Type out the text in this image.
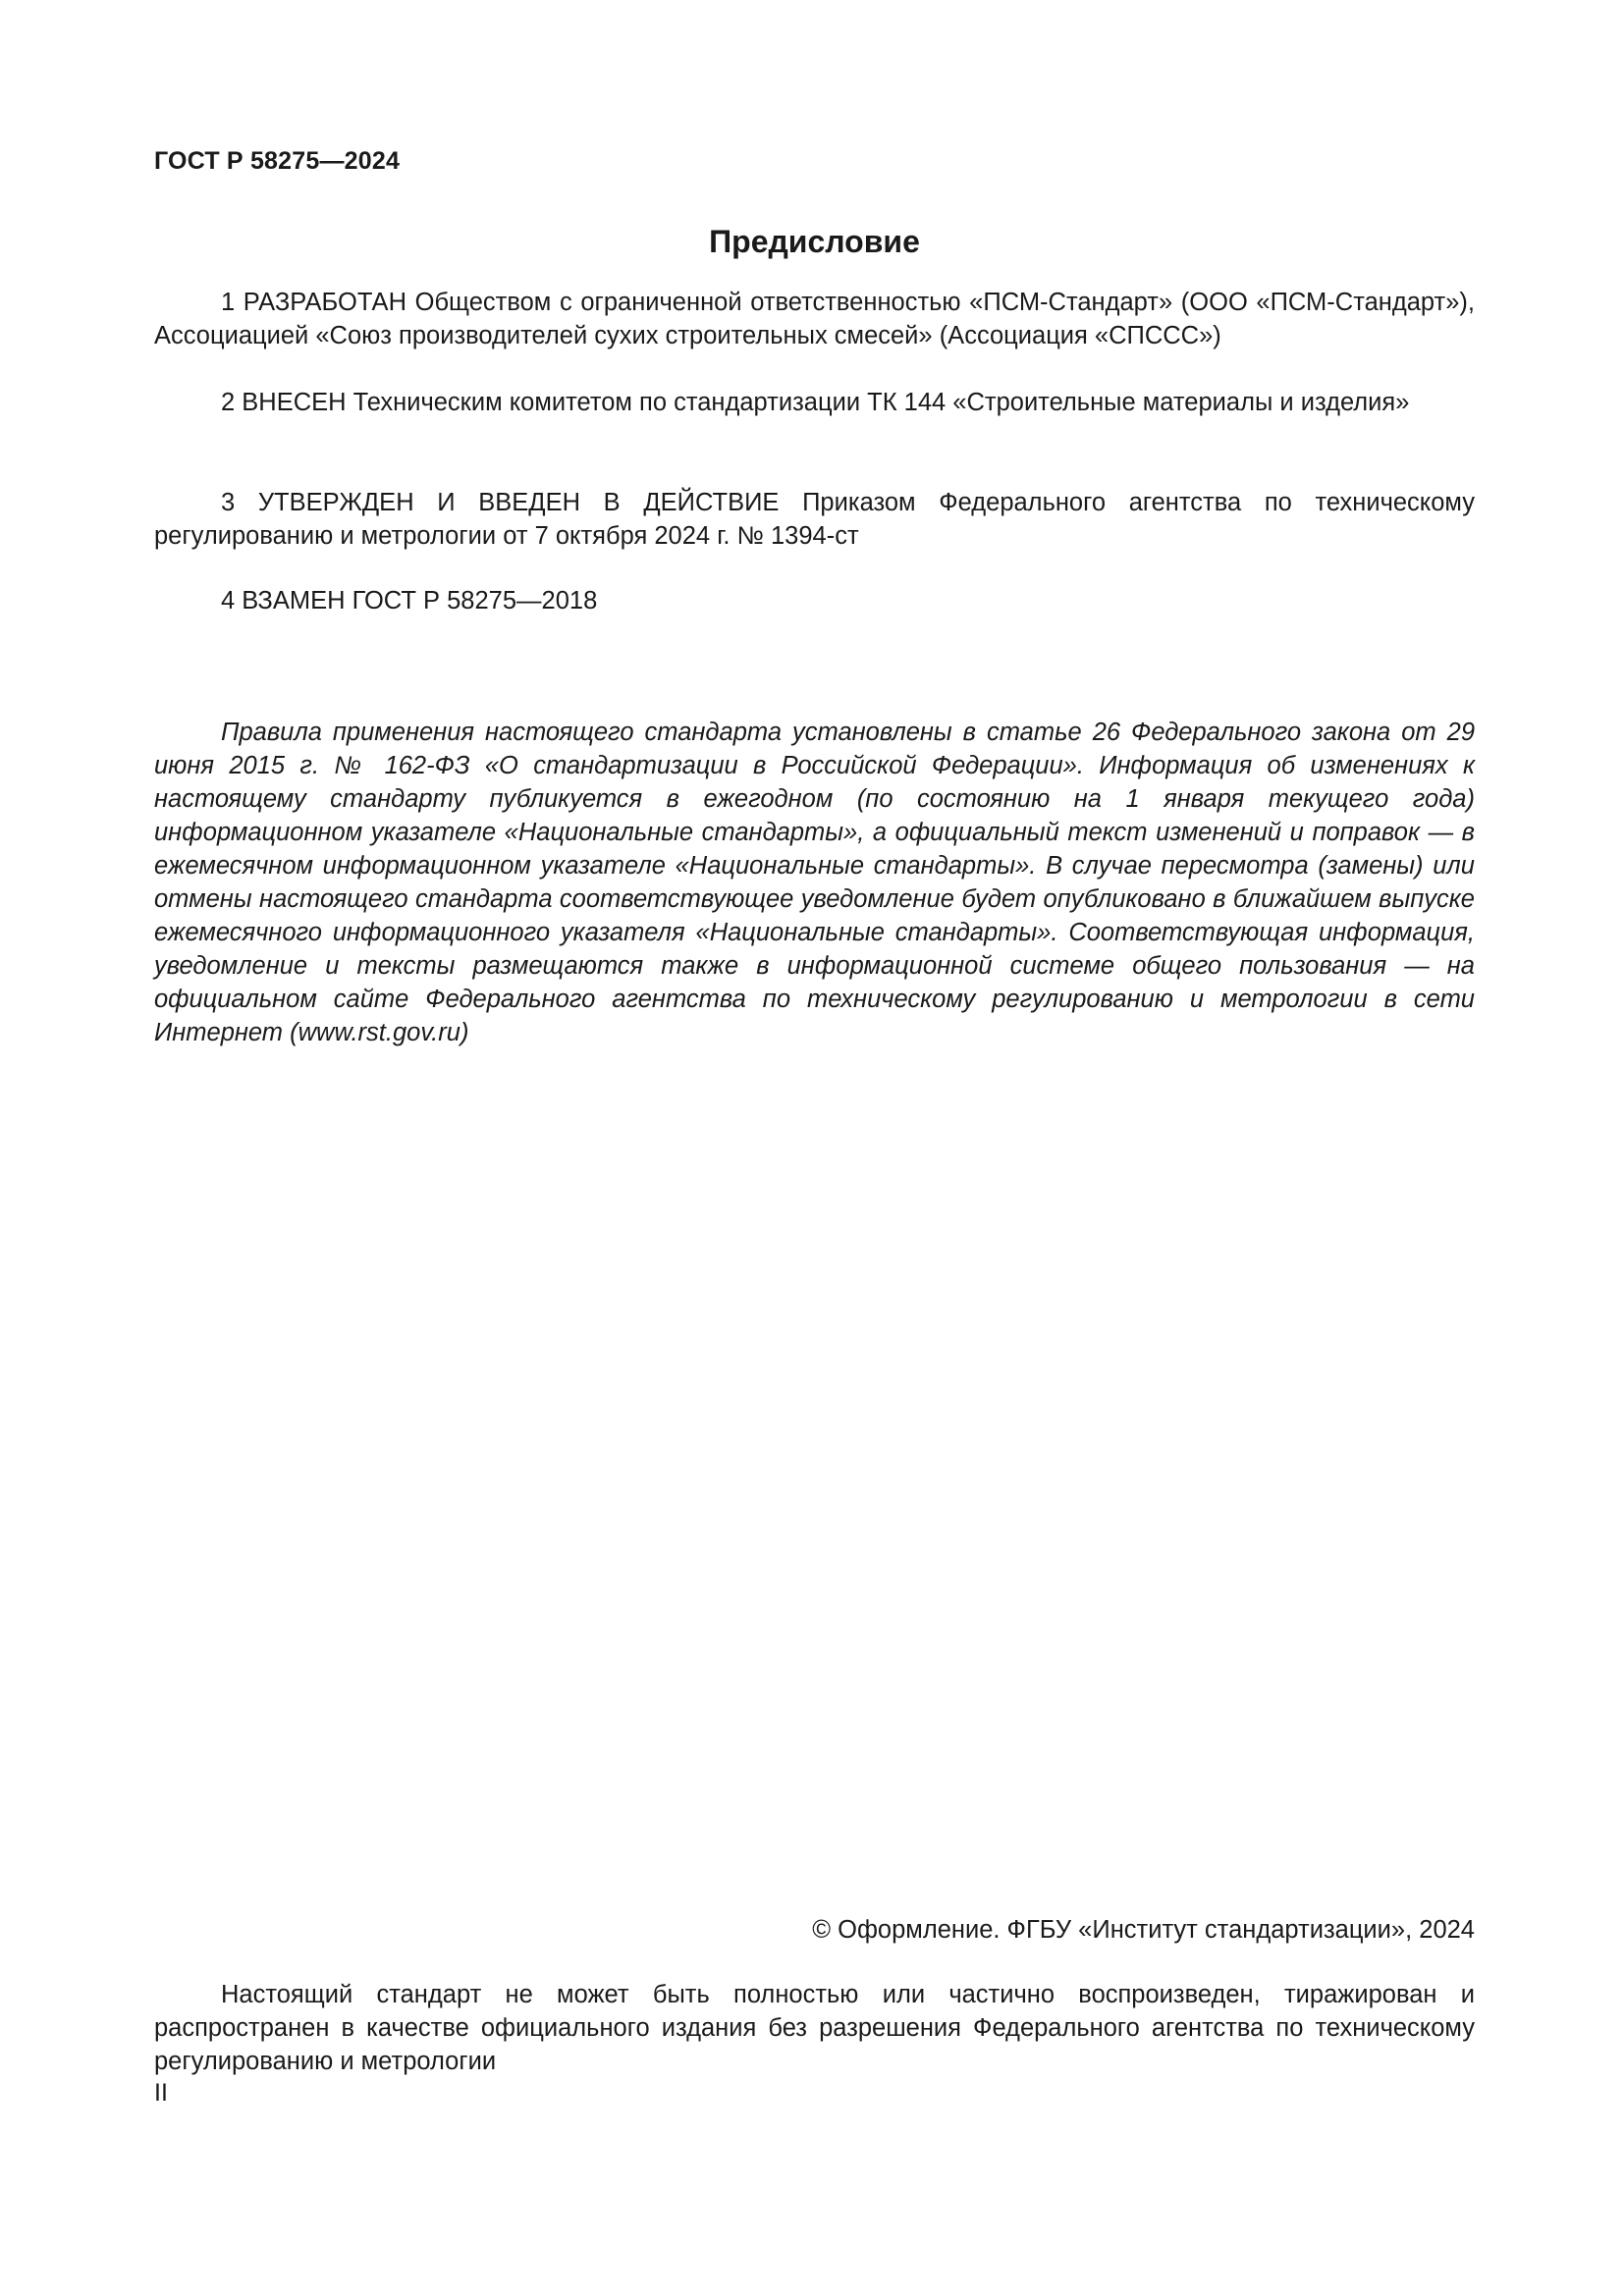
ГОСТ Р 58275—2024
Предисловие

1 РАЗРАБОТАН Обществом с ограниченной ответственностью «ПСМ-Стандарт» (ООО «ПСМ-Стандарт»), Ассоциацией «Союз производителей сухих строительных смесей» (Ассоциация «СПССС»)

2 ВНЕСЕН Техническим комитетом по стандартизации ТК 144 «Строительные материалы и изделия»

3 УТВЕРЖДЕН И ВВЕДЕН В ДЕЙСТВИЕ Приказом Федерального агентства по техническому регулированию и метрологии от 7 октября 2024 г. № 1394-ст

4 ВЗАМЕН ГОСТ Р 58275—2018

Правила применения настоящего стандарта установлены в статье 26 Федерального закона от 29 июня 2015 г. № 162-ФЗ «О стандартизации в Российской Федерации». Информация об изменениях к настоящему стандарту публикуется в ежегодном (по состоянию на 1 января текущего года) информационном указателе «Национальные стандарты», а официальный текст изменений и поправок — в ежемесячном информационном указателе «Национальные стандарты». В случае пересмотра (замены) или отмены настоящего стандарта соответствующее уведомление будет опубликовано в ближайшем выпуске ежемесячного информационного указателя «Национальные стандарты». Соответствующая информация, уведомление и тексты размещаются также в информационной системе общего пользования — на официальном сайте Федерального агентства по техническому регулированию и метрологии в сети Интернет (www.rst.gov.ru)

© Оформление. ФГБУ «Институт стандартизации», 2024

Настоящий стандарт не может быть полностью или частично воспроизведен, тиражирован и распространен в качестве официального издания без разрешения Федерального агентства по техническому регулированию и метрологии

II
